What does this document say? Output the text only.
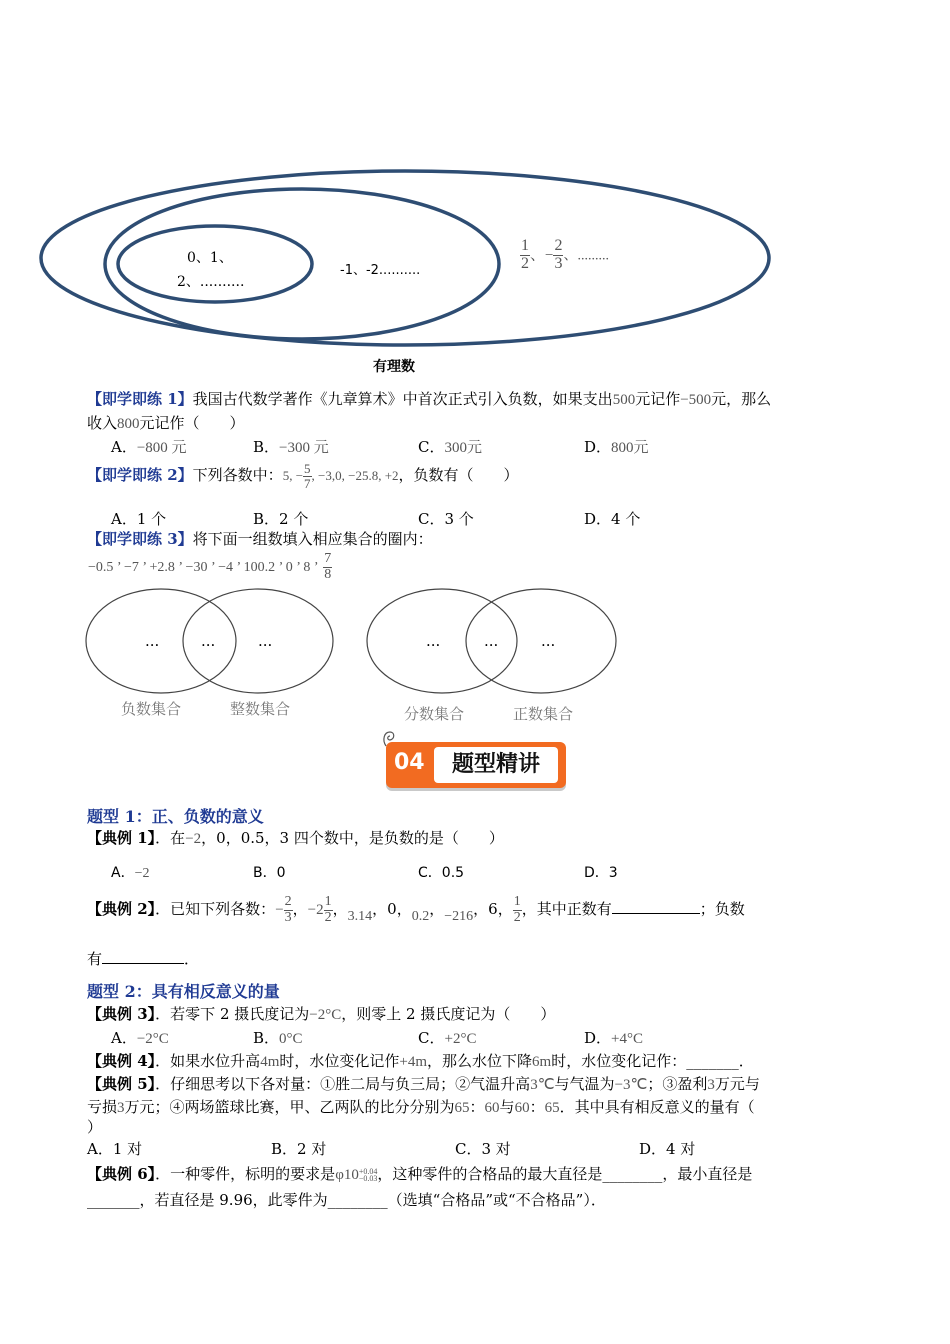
0、1、
2、..........
-1、-2..........	$\frac{1}{2}$ 、− $\frac{2}{3}$ 、.........
有理数
【即学即练 1】我国古代数学著作《九章算术》中首次正式引入负数，如果支出500元记作−500元，那么
收入800元记作（　　）
A．−800 元	B．−300 元	C．300元	D．800元
【即学即练 2】下列各数中：5, − $\frac{5}{7}$ , −3,0, −25.8, +2，负数有（　　）
A．1 个	B．2 个	C．3 个	D．4 个
【即学即练 3】将下面一组数填入相应集合的圈内：
−0.5 ’ −7 ’ +2.8 ’ −30 ’ −4 ’ 100.2 ’ 0 ’ 8 ’ $\frac{7}{8}$
...	...	...	...	...	...
负数集合	整数集合	分数集合	正数集合
04	题型精讲
题型 1：正、负数的意义
【典例 1】．在−2，0，0.5，3 四个数中，是负数的是（　　）
A．−2	B．0	C．0.5	D．3
【典例 2】．已知下列各数：− $\frac{2}{3}$ ，$-2 \frac{1}{2}$ ，3.14，0，0.2，−216，6， $\frac{1}{2}$ ，其中正数有	；负数
有	．
题型 2：具有相反意义的量
【典例 3】．若零下 2 摄氏度记为−2°C，则零上 2 摄氏度记为（　　）
A．−2°C	B．0°C	C．+2°C	D．+4°C
【典例 4】．如果水位升高4m时，水位变化记作+4m，那么水位下降6m时，水位变化记作：_______．
【典例 5】．仔细思考以下各对量：①胜二局与负三局；②气温升高3℃与气温为−3℃；③盈利3万元与
亏损3万元；④两场篮球比赛，甲、乙两队的比分分别为65：60与60：65．其中具有相反意义的量有（
）
A．1 对	B．2 对	C．3 对	D．4 对
【典例 6】．一种零件，标明的要求是φ10 +0.04
−0.03 ，这种零件的合格品的最大直径是________，最小直径是
_______，若直径是 9.96，此零件为________（选填“合格品”或“不合格品”）．
